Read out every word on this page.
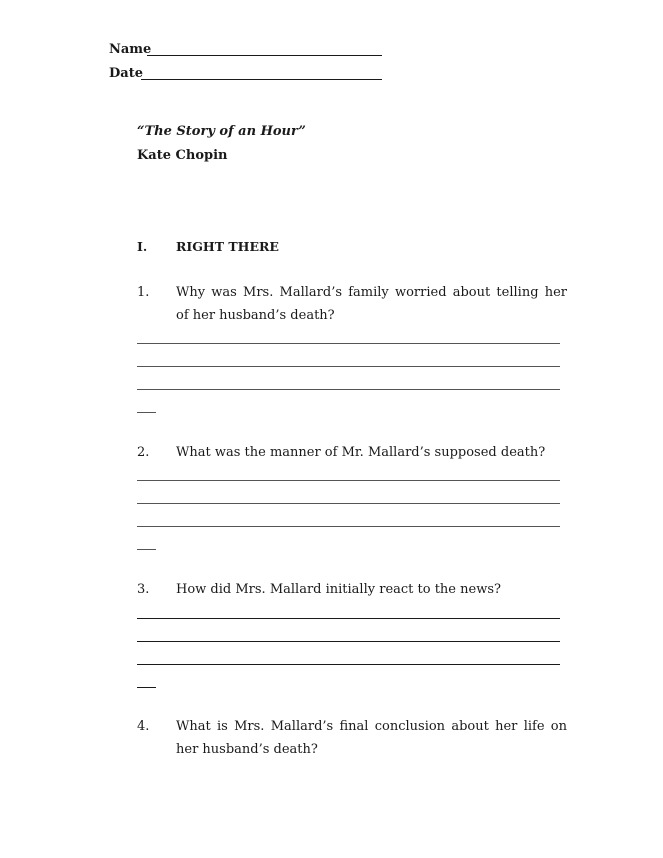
Name
Date
“The Story of an Hour”
Kate Chopin
I. RIGHT THERE
1. Why was Mrs. Mallard’s family worried about telling her of her husband’s death?
2. What was the manner of Mr. Mallard’s supposed death?
3. How did Mrs. Mallard initially react to the news?
4. What is Mrs. Mallard’s final conclusion about her life on her husband’s death?
